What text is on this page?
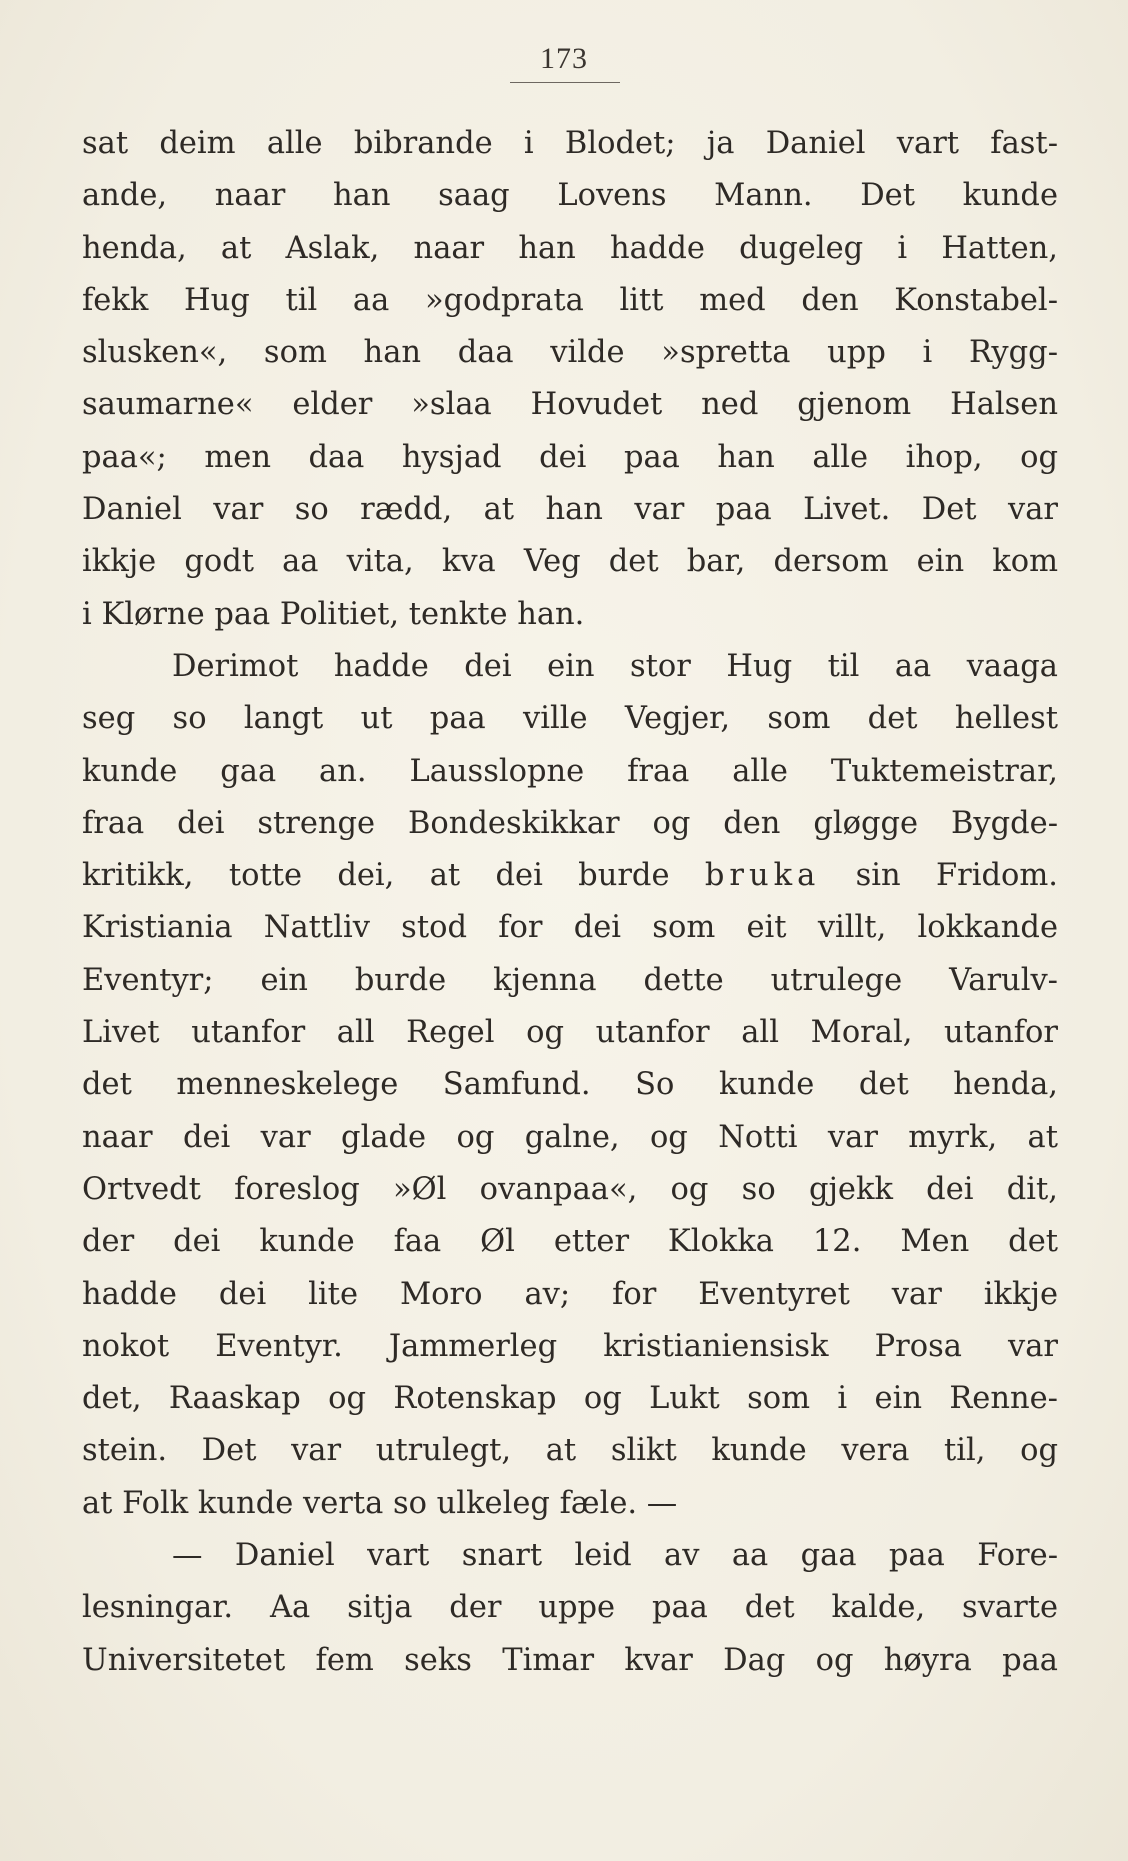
173
sat deim alle bibrande i Blodet; ja Daniel vart fast-
ande, naar han saag Lovens Mann. Det kunde
henda, at Aslak, naar han hadde dugeleg i Hatten,
fekk Hug til aa »godprata litt med den Konstabel-
slusken«, som han daa vilde »spretta upp i Rygg-
saumarne« elder »slaa Hovudet ned gjenom Halsen
paa«; men daa hysjad dei paa han alle ihop, og
Daniel var so rædd, at han var paa Livet. Det var
ikkje godt aa vita, kva Veg det bar, dersom ein kom
i Klørne paa Politiet, tenkte han.
Derimot hadde dei ein stor Hug til aa vaaga
seg so langt ut paa ville Vegjer, som det hellest
kunde gaa an. Lausslopne fraa alle Tuktemeistrar,
fraa dei strenge Bondeskikkar og den gløgge Bygde-
kritikk, totte dei, at dei burde bruka sin Fridom.
Kristiania Nattliv stod for dei som eit villt, lokkande
Eventyr; ein burde kjenna dette utrulege Varulv-
Livet utanfor all Regel og utanfor all Moral, utanfor
det menneskelege Samfund. So kunde det henda,
naar dei var glade og galne, og Notti var myrk, at
Ortvedt foreslog »Øl ovanpaa«, og so gjekk dei dit,
der dei kunde faa Øl etter Klokka 12. Men det
hadde dei lite Moro av; for Eventyret var ikkje
nokot Eventyr. Jammerleg kristianiensisk Prosa var
det, Raaskap og Rotenskap og Lukt som i ein Renne-
stein. Det var utrulegt, at slikt kunde vera til, og
at Folk kunde verta so ulkeleg fæle. —
— Daniel vart snart leid av aa gaa paa Fore-
lesningar. Aa sitja der uppe paa det kalde, svarte
Universitetet fem seks Timar kvar Dag og høyra paa
